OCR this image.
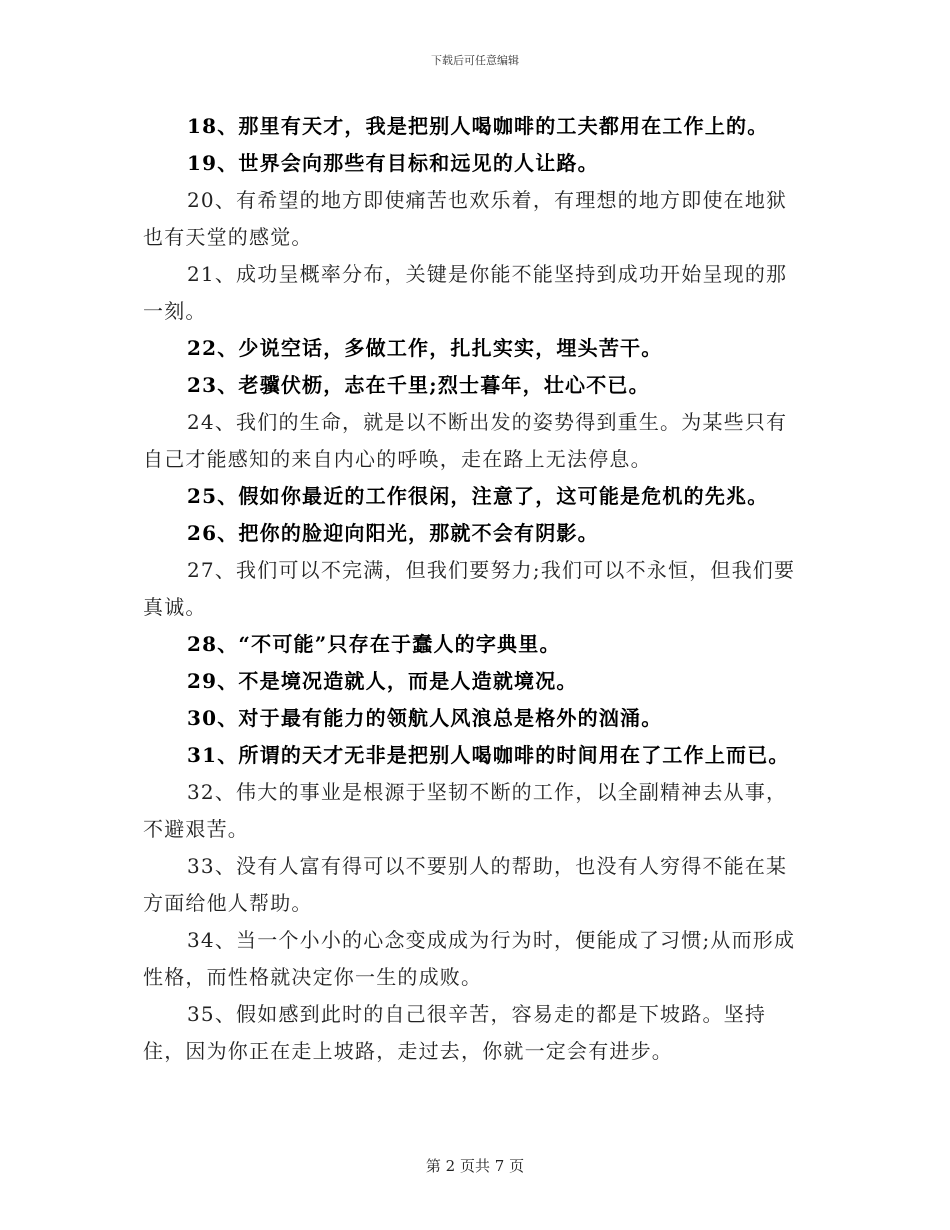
下载后可任意编辑

18、那里有天才，我是把别人喝咖啡的工夫都用在工作上的。

19、世界会向那些有目标和远见的人让路。

20、有希望的地方即使痛苦也欢乐着，有理想的地方即使在地狱也有天堂的感觉。

21、成功呈概率分布，关键是你能不能坚持到成功开始呈现的那一刻。

22、少说空话，多做工作，扎扎实实，埋头苦干。

23、老骥伏枥，志在千里;烈士暮年，壮心不已。

24、我们的生命，就是以不断出发的姿势得到重生。为某些只有自己才能感知的来自内心的呼唤，走在路上无法停息。

25、假如你最近的工作很闲，注意了，这可能是危机的先兆。

26、把你的脸迎向阳光，那就不会有阴影。

27、我们可以不完满，但我们要努力;我们可以不永恒，但我们要真诚。

28、“不可能”只存在于蠢人的字典里。

29、不是境况造就人，而是人造就境况。

30、对于最有能力的领航人风浪总是格外的汹涌。

31、所谓的天才无非是把别人喝咖啡的时间用在了工作上而已。

32、伟大的事业是根源于坚韧不断的工作，以全副精神去从事，不避艰苦。

33、没有人富有得可以不要别人的帮助，也没有人穷得不能在某方面给他人帮助。

34、当一个小小的心念变成成为行为时，便能成了习惯;从而形成性格，而性格就决定你一生的成败。

35、假如感到此时的自己很辛苦，容易走的都是下坡路。坚持住，因为你正在走上坡路，走过去，你就一定会有进步。

第 2 页共 7 页
